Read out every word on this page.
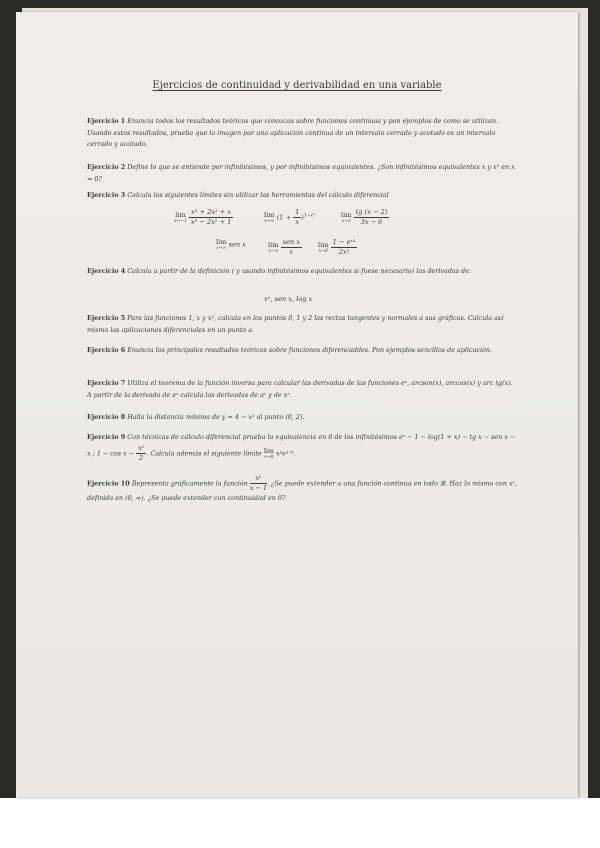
Ejercicios de continuidad y derivabilidad en una variable
Ejercicio 1 Enuncia todos los resultados teóricos que conozcas sobre funciones continuas y pon ejemplos de como se utilizan. Usando estos resultados, prueba que la imagen por una aplicación continua de un intervalo cerrado y acotado es un intervalo cerrado y acotado.
Ejercicio 2 Define lo que se entiende por infinitésimos, y por infinitésimos equivalentes. ¿Son infinitésimos equivalentes x y x² en x = 0?
Ejercicio 3 Calcula los siguientes límites sin utilizar las herramientas del cálculo diferencial
lim
x→−1
$\frac{\text{x³ + 2x² + x}}{\text{x³ − 2x² + 1}}$	lim
x→∞ $(1 + \frac{1}{x} )^{1-x^2}$	lim
x→3
$\frac{tg (x - 2)}{3x - 6}$
lim
x→∞ sen x	lim
x→∞
$\frac{\text{sen x}}{x}$ lim
x→0
$\frac{\text{1 − eˣ²}}{\text{2x²}}$
Ejercicio 4 Calcula a partir de la definición ( y usando infinitésimos equivalentes si fuese necesario) las derivadas de:
xⁿ, sen x, log x
Ejercicio 5 Para las funciones 1, x y x², calcula en los puntos 0, 1 y 2 las rectas tangentes y normales a sus gráficas. Calcula así mismo las aplicaciones diferenciales en un punto a.
Ejercicio 6 Enuncia los principales resultados teóricos sobre funciones diferenciables. Pon ejemplos sencillos de aplicación.
Ejercicio 7 Utiliza el teorema de la función inversa para calcular las derivadas de las funciones eˣ, arcsen(x), arccos(x) y arc tg(x). A partir de la derivada de eˣ calcula las derivadas de aˣ y de xˣ.
Ejercicio 8 Halla la distancia mínima de y = 4 − x² al punto (0, 2).
Ejercicio 9 Con técnicas de cálculo diferencial prueba la equivalencia en 0 de los infinitésimos eˣ − 1 ∼ log(1 + x) ∼ tg x ∼ sen x ∼ x ; 1 − cos x ∼ $\frac{\text{x²}}{2}$ . Calcula además el siguiente límite lim
x→0 x²e¹ᐟˣ.
Ejercicio 10 Representa gráficamente la función $\frac{\text{x²}}{x - 1}$ . ¿Se puede extender a una función continua en todo ℝ. Haz lo mismo con xˣ, definida en (0, ∞). ¿Se puede extender con continuidad en 0?
